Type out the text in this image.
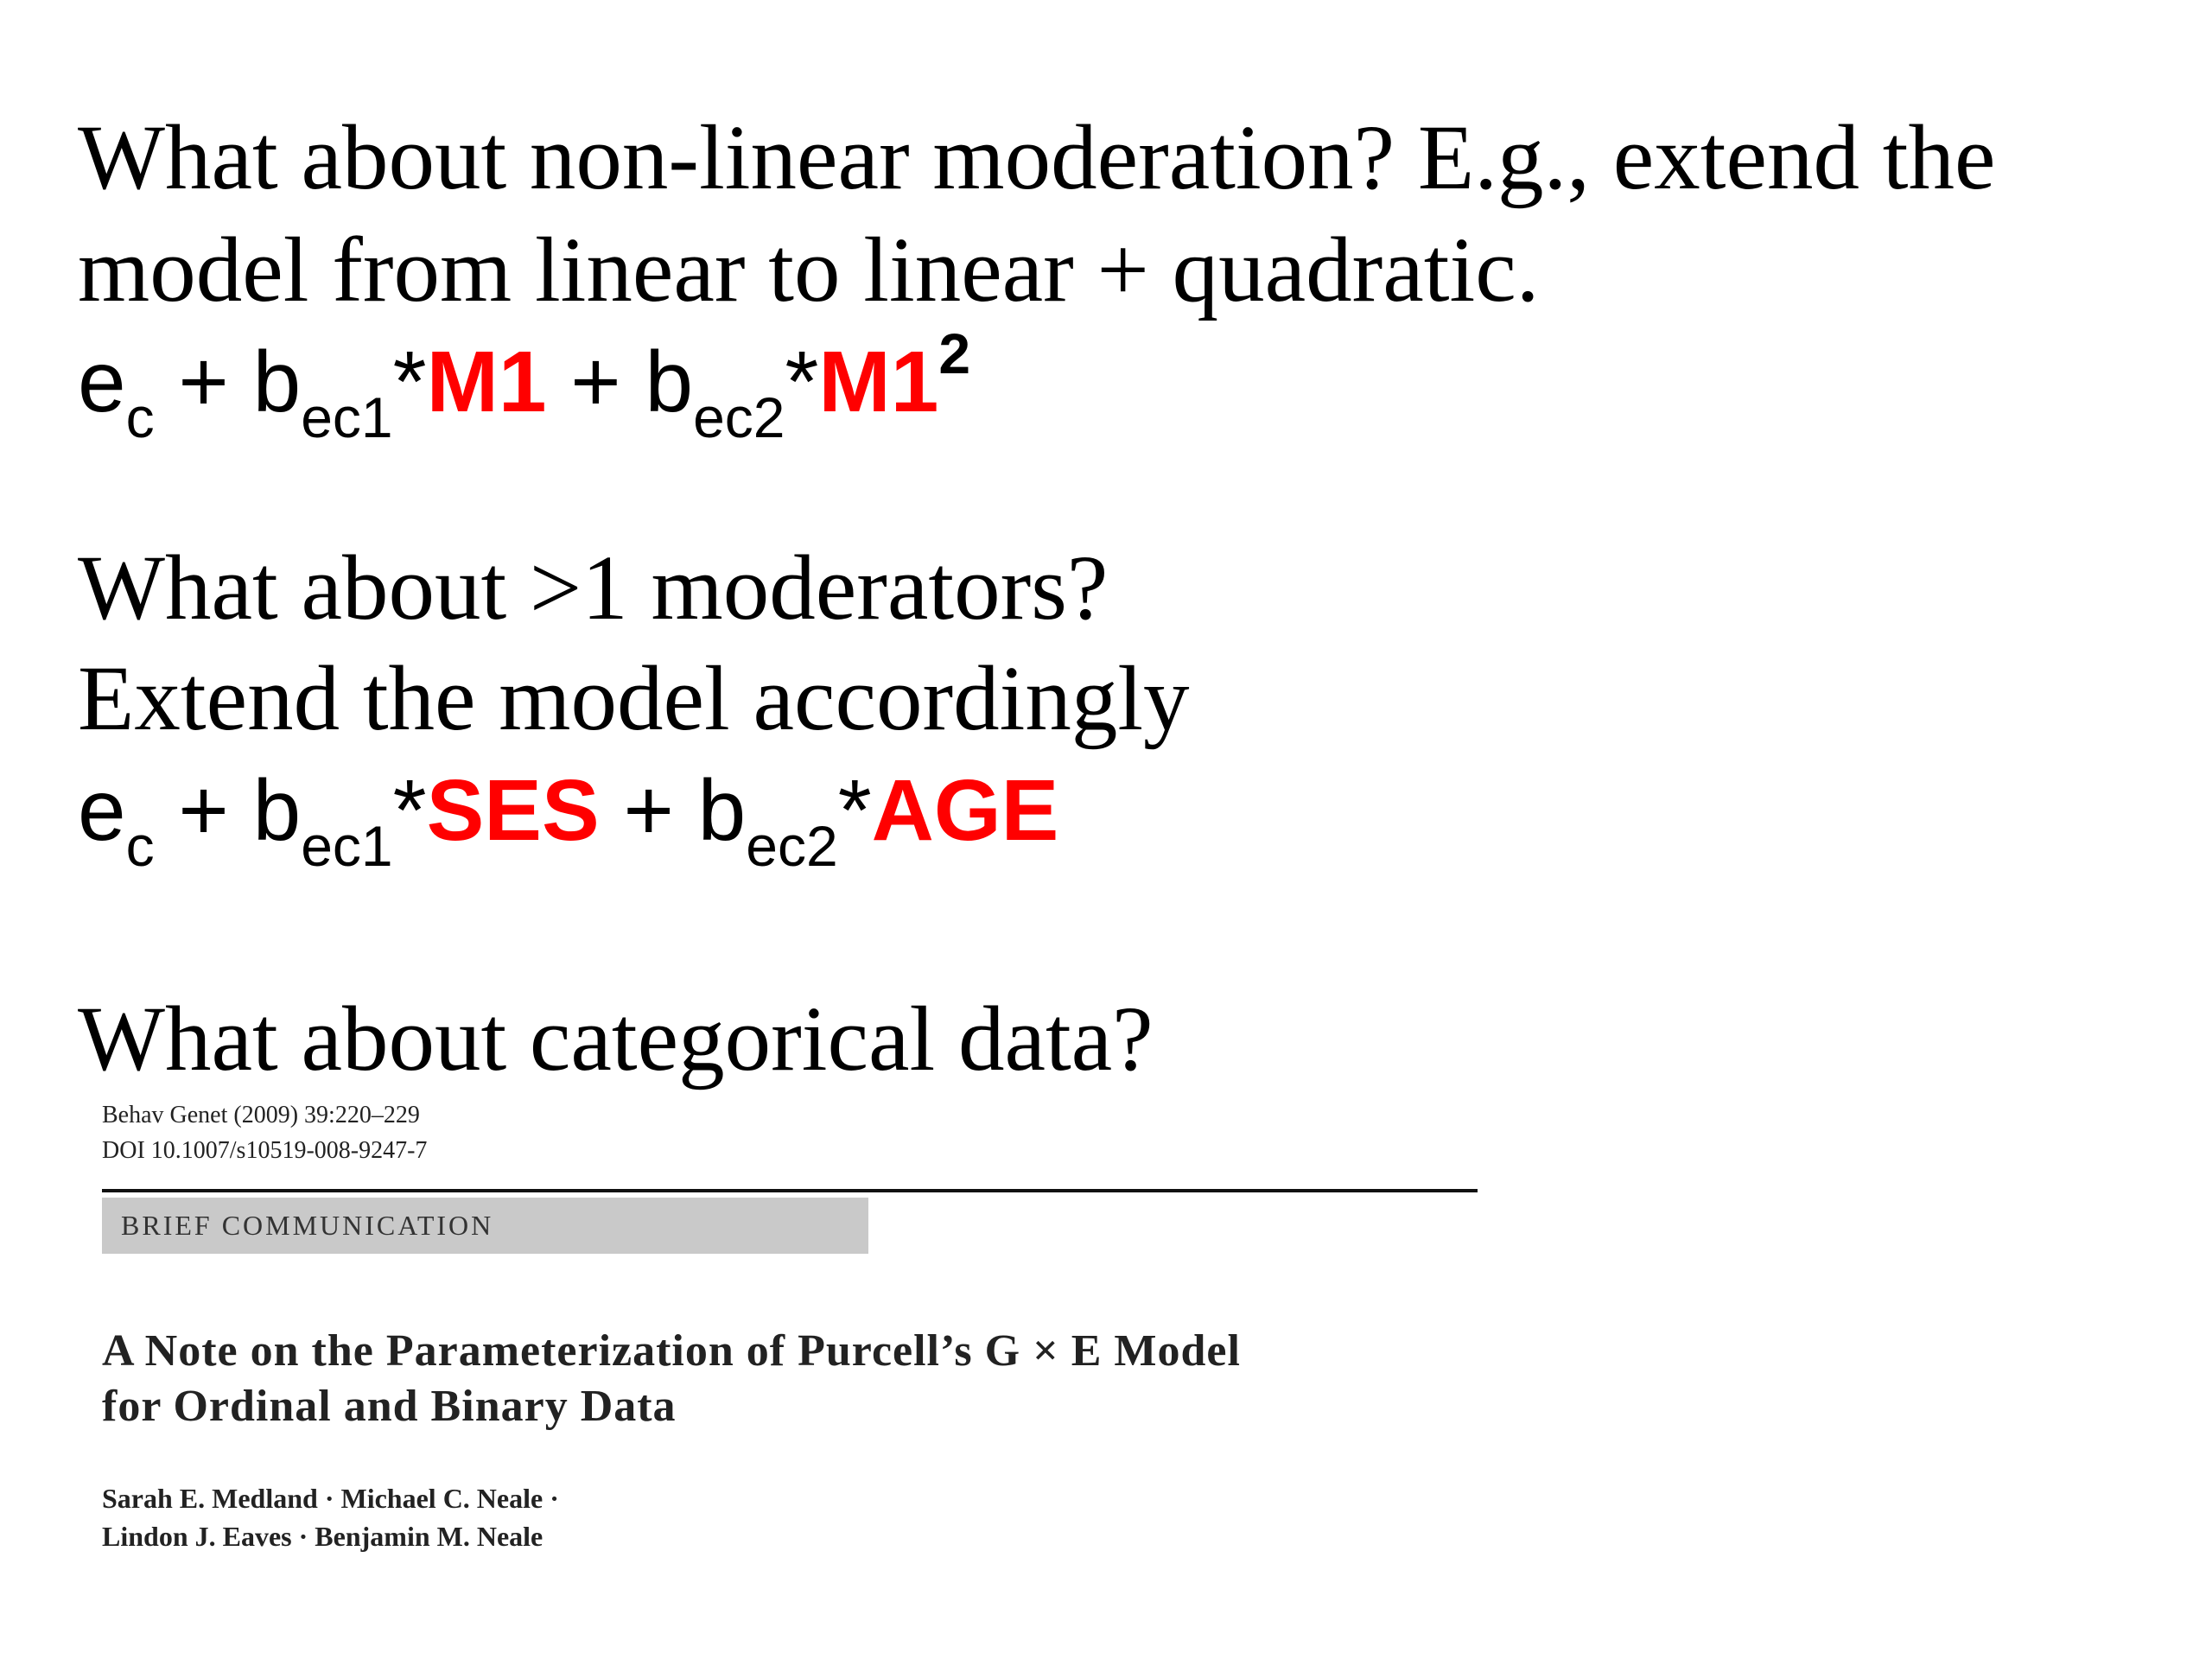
What about non-linear moderation? E.g., extend the
model from linear to linear + quadratic.
$e_c + b_{ec1}*M1 + b_{ec2}*M1^2$
What about >1 moderators?
Extend the model accordingly
$e_c + b_{ec1}*SES + b_{ec2}*AGE$
What about categorical data?
Behav Genet (2009) 39:220–229
DOI 10.1007/s10519-008-9247-7
BRIEF COMMUNICATION
A Note on the Parameterization of Purcell’s G × E Model
for Ordinal and Binary Data
Sarah E. Medland · Michael C. Neale ·
Lindon J. Eaves · Benjamin M. Neale
